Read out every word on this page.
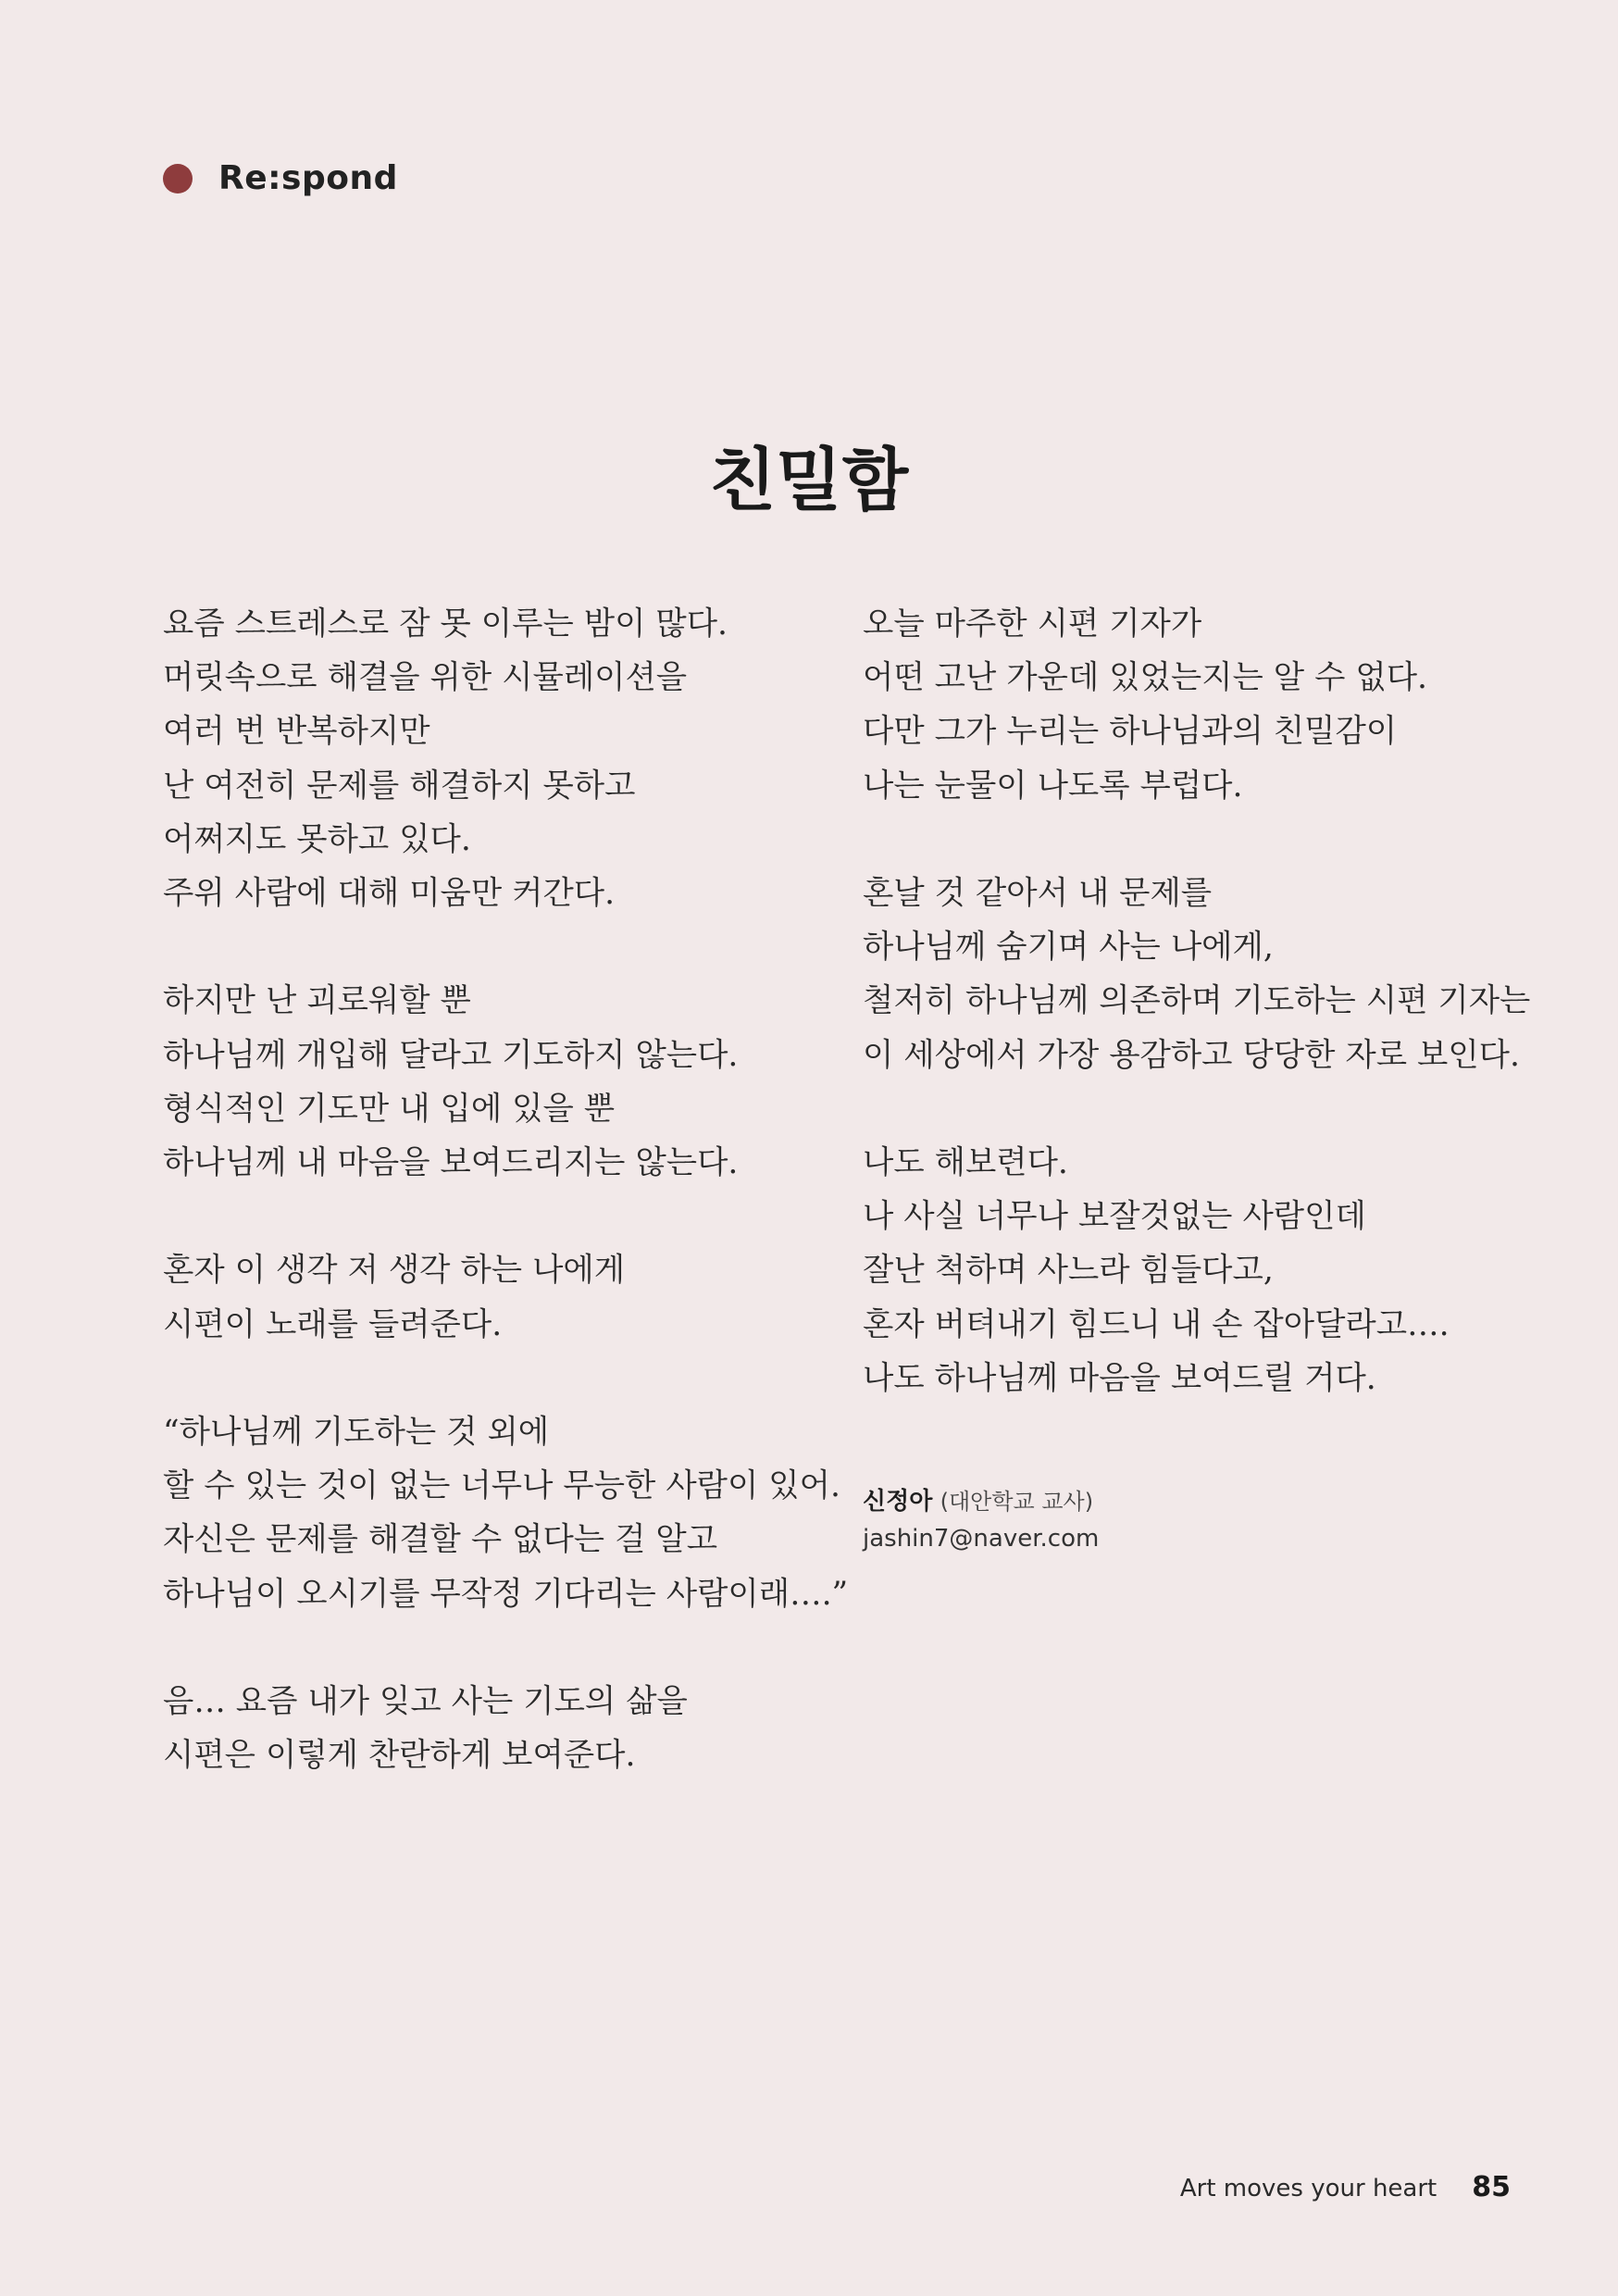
Re:spond
친밀함
요즘 스트레스로 잠 못 이루는 밤이 많다.
머릿속으로 해결을 위한 시뮬레이션을
여러 번 반복하지만
난 여전히 문제를 해결하지 못하고
어쩌지도 못하고 있다.
주위 사람에 대해 미움만 커간다.
하지만 난 괴로워할 뿐
하나님께 개입해 달라고 기도하지 않는다.
형식적인 기도만 내 입에 있을 뿐
하나님께 내 마음을 보여드리지는 않는다.
혼자 이 생각 저 생각 하는 나에게
시편이 노래를 들려준다.
“하나님께 기도하는 것 외에
할 수 있는 것이 없는 너무나 무능한 사람이 있어.
자신은 문제를 해결할 수 없다는 걸 알고
하나님이 오시기를 무작정 기다리는 사람이래….”
음… 요즘 내가 잊고 사는 기도의 삶을
시편은 이렇게 찬란하게 보여준다.
오늘 마주한 시편 기자가
어떤 고난 가운데 있었는지는 알 수 없다.
다만 그가 누리는 하나님과의 친밀감이
나는 눈물이 나도록 부럽다.
혼날 것 같아서 내 문제를
하나님께 숨기며 사는 나에게,
철저히 하나님께 의존하며 기도하는 시편 기자는
이 세상에서 가장 용감하고 당당한 자로 보인다.
나도 해보련다.
나 사실 너무나 보잘것없는 사람인데
잘난 척하며 사느라 힘들다고,
혼자 버텨내기 힘드니 내 손 잡아달라고….
나도 하나님께 마음을 보여드릴 거다.
신정아 (대안학교 교사)
jashin7@naver.com
Art moves your heart 85
